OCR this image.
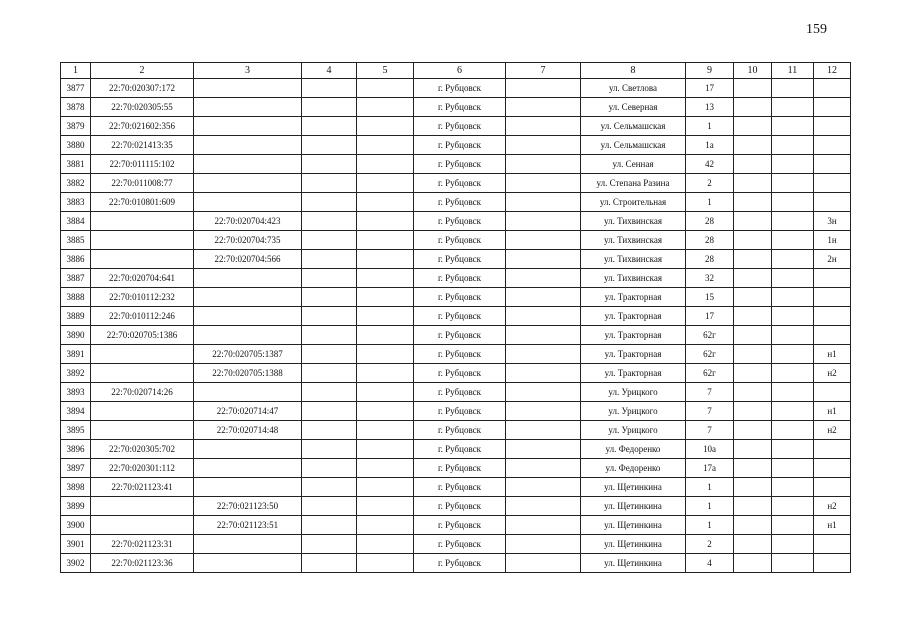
159
1	2	3	4	5	6	7	8	9	10	11	12
3877	22:70:020307:172				г. Рубцовск		ул. Светлова	17			
3878	22:70:020305:55				г. Рубцовск		ул. Северная	13			
3879	22:70:021602:356				г. Рубцовск		ул. Сельмашская	1			
3880	22:70:021413:35				г. Рубцовск		ул. Сельмашская	1а			
3881	22:70:011115:102				г. Рубцовск		ул. Сенная	42			
3882	22:70:011008:77				г. Рубцовск		ул. Степана Разина	2			
3883	22:70:010801:609				г. Рубцовск		ул. Строительная	1			
3884		22:70:020704:423			г. Рубцовск		ул. Тихвинская	28			3н
3885		22:70:020704:735			г. Рубцовск		ул. Тихвинская	28			1н
3886		22:70:020704:566			г. Рубцовск		ул. Тихвинская	28			2н
3887	22:70:020704:641				г. Рубцовск		ул. Тихвинская	32			
3888	22:70:010112:232				г. Рубцовск		ул. Тракторная	15			
3889	22:70:010112:246				г. Рубцовск		ул. Тракторная	17			
3890	22:70:020705:1386				г. Рубцовск		ул. Тракторная	62г			
3891		22:70:020705:1387			г. Рубцовск		ул. Тракторная	62г			н1
3892		22:70:020705:1388			г. Рубцовск		ул. Тракторная	62г			н2
3893	22:70:020714:26				г. Рубцовск		ул. Урицкого	7			
3894		22:70:020714:47			г. Рубцовск		ул. Урицкого	7			н1
3895		22:70:020714:48			г. Рубцовск		ул. Урицкого	7			н2
3896	22:70:020305:702				г. Рубцовск		ул. Федоренко	10а			
3897	22:70:020301:112				г. Рубцовск		ул. Федоренко	17а			
3898	22:70:021123:41				г. Рубцовск		ул. Щетинкина	1			
3899		22:70:021123:50			г. Рубцовск		ул. Щетинкина	1			н2
3900		22:70:021123:51			г. Рубцовск		ул. Щетинкина	1			н1
3901	22:70:021123:31				г. Рубцовск		ул. Щетинкина	2			
3902	22:70:021123:36				г. Рубцовск		ул. Щетинкина	4			
